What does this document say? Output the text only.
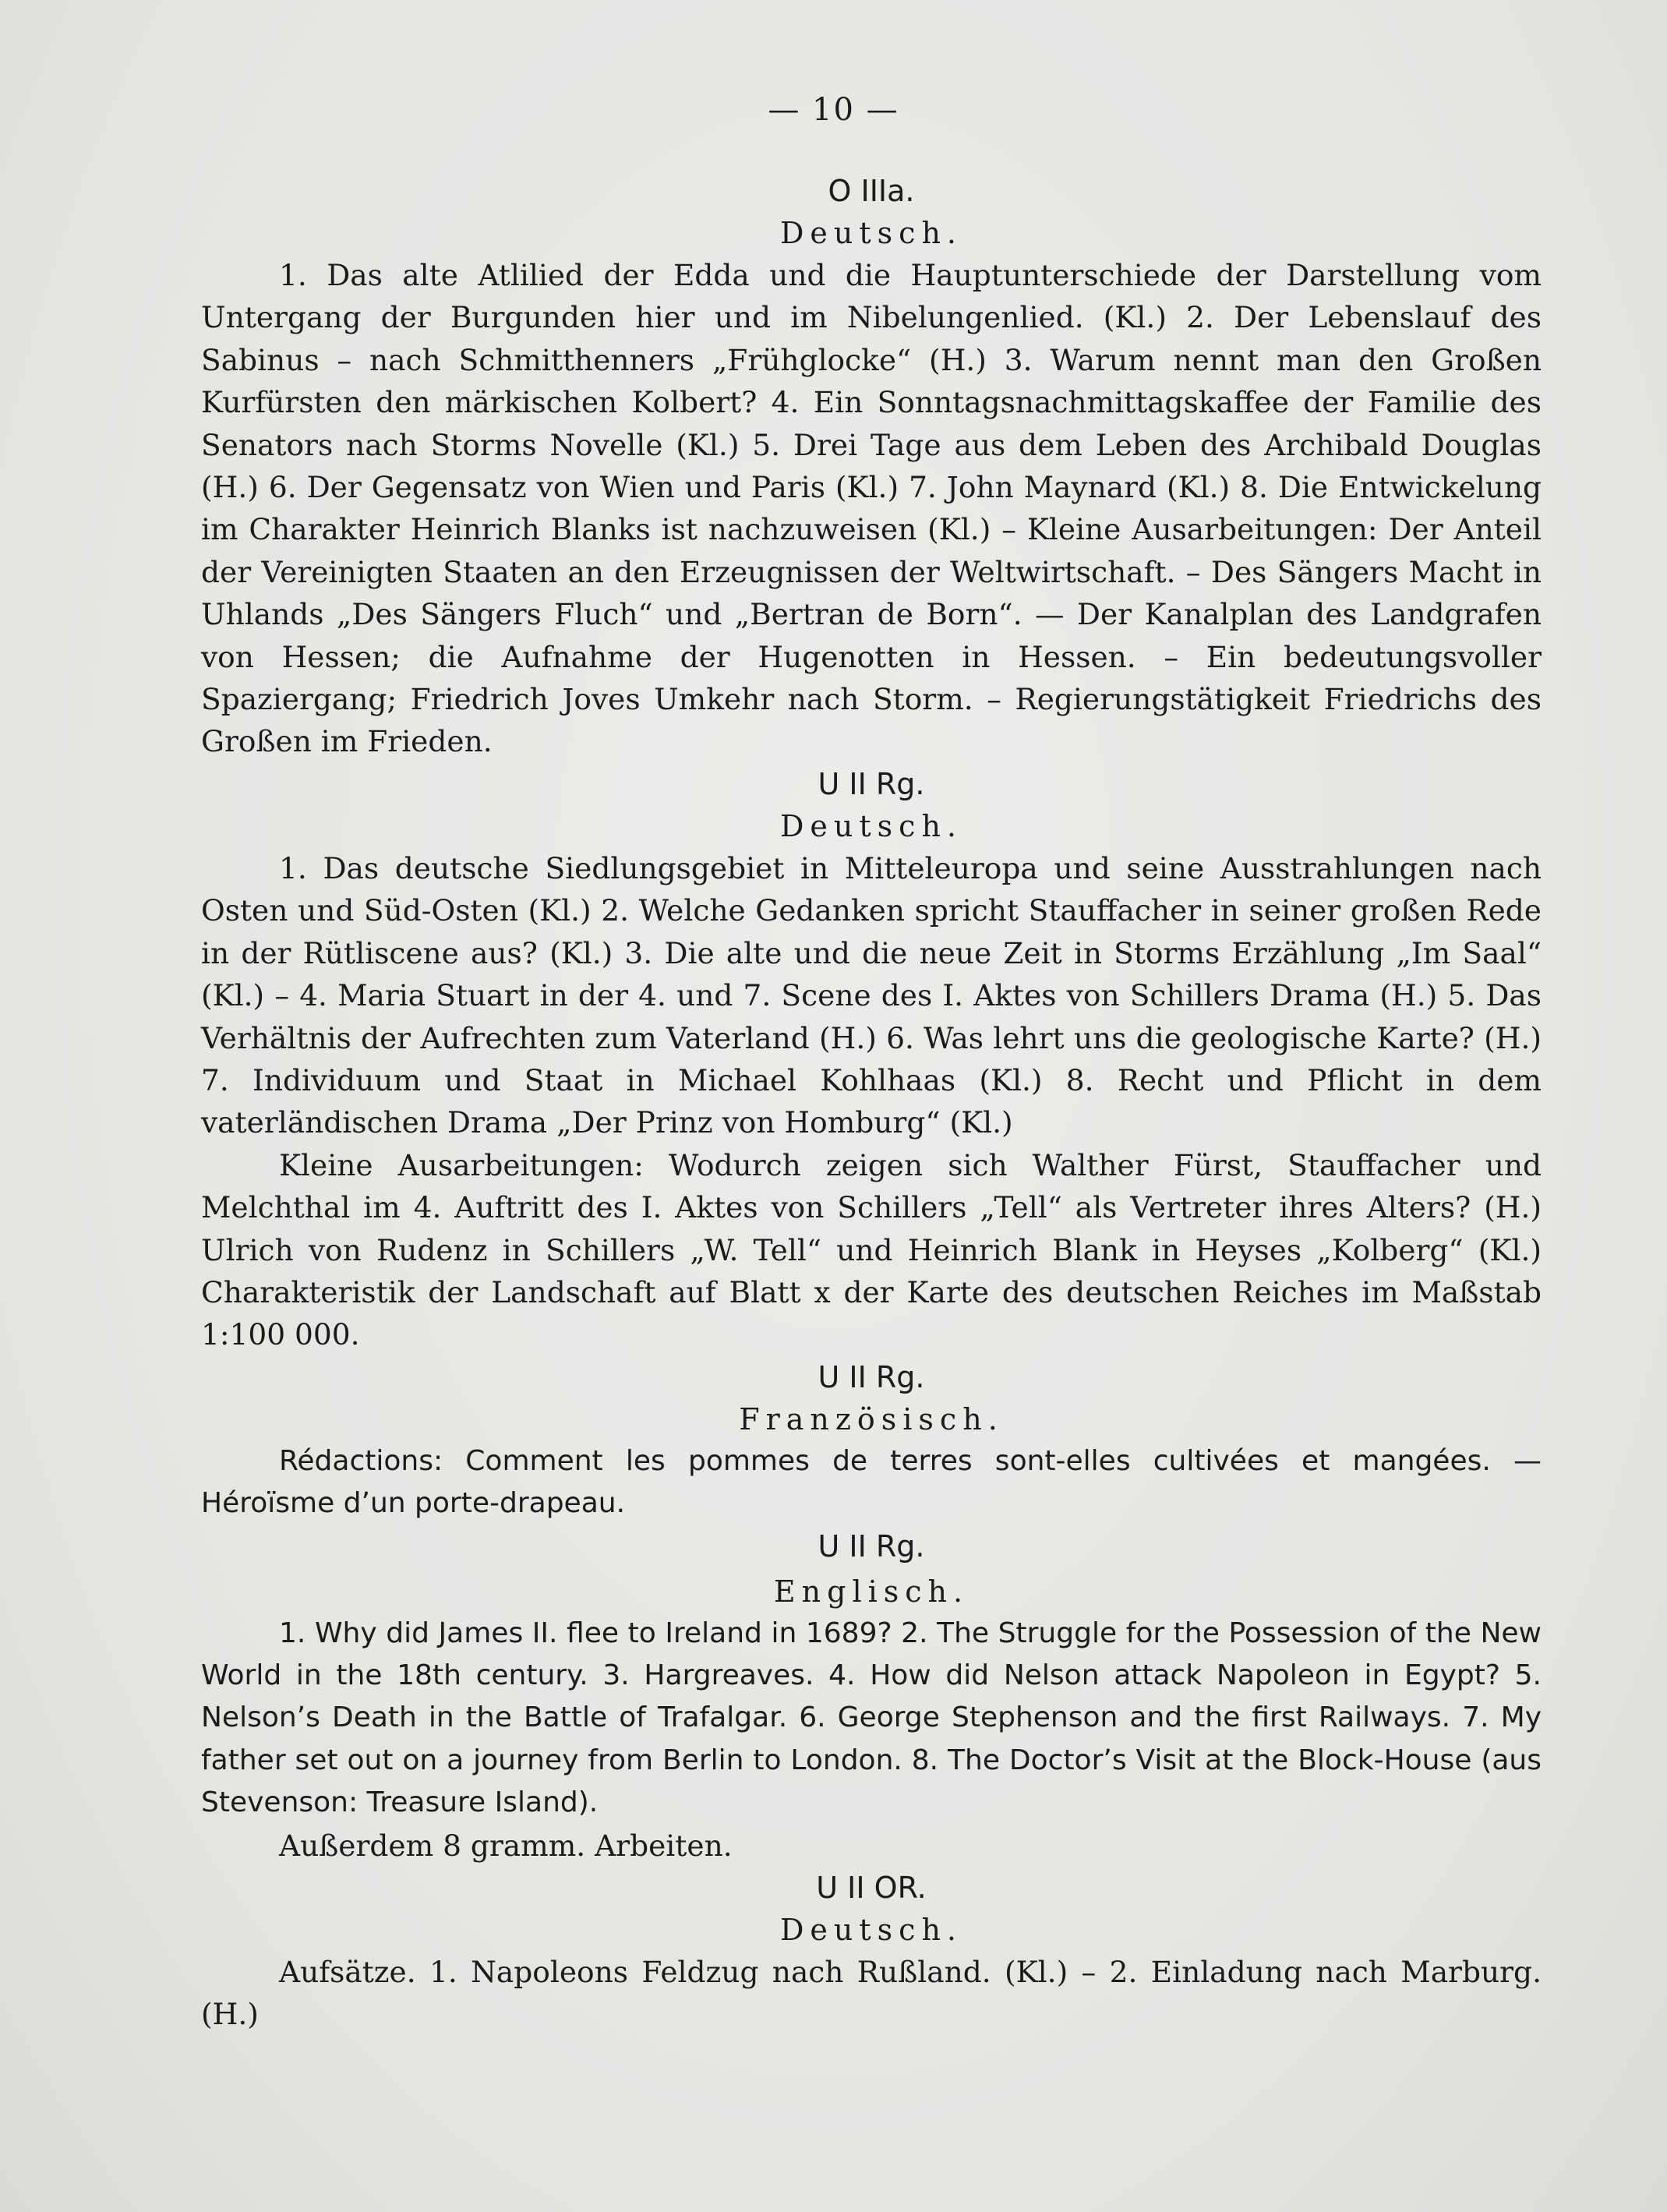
— 10 —
O IIIa.
Deutsch.

1. Das alte Atlilied der Edda und die Hauptunterschiede der Darstellung vom Untergang der Burgunden hier und im Nibelungenlied. (Kl.) 2. Der Lebenslauf des Sabinus – nach Schmitthenners „Frühglocke“ (H.) 3. Warum nennt man den Großen Kurfürsten den märkischen Kolbert? 4. Ein Sonntagsnachmittagskaffee der Familie des Senators nach Storms Novelle (Kl.) 5. Drei Tage aus dem Leben des Archibald Douglas (H.) 6. Der Gegensatz von Wien und Paris (Kl.) 7. John Maynard (Kl.) 8. Die Entwickelung im Charakter Heinrich Blanks ist nachzuweisen (Kl.) – Kleine Ausarbeitungen: Der Anteil der Vereinigten Staaten an den Erzeugnissen der Weltwirtschaft. – Des Sängers Macht in Uhlands „Des Sängers Fluch“ und „Bertran de Born“. — Der Kanalplan des Landgrafen von Hessen; die Aufnahme der Hugenotten in Hessen. – Ein bedeutungsvoller Spaziergang; Friedrich Joves Umkehr nach Storm. – Regierungstätigkeit Friedrichs des Großen im Frieden.

U II Rg.
Deutsch.

1. Das deutsche Siedlungsgebiet in Mitteleuropa und seine Ausstrahlungen nach Osten und Süd-Osten (Kl.) 2. Welche Gedanken spricht Stauffacher in seiner großen Rede in der Rütliscene aus? (Kl.) 3. Die alte und die neue Zeit in Storms Erzählung „Im Saal“ (Kl.) – 4. Maria Stuart in der 4. und 7. Scene des I. Aktes von Schillers Drama (H.) 5. Das Verhältnis der Aufrechten zum Vaterland (H.) 6. Was lehrt uns die geologische Karte? (H.) 7. Individuum und Staat in Michael Kohlhaas (Kl.) 8. Recht und Pflicht in dem vaterländischen Drama „Der Prinz von Homburg“ (Kl.)

Kleine Ausarbeitungen: Wodurch zeigen sich Walther Fürst, Stauffacher und Melchthal im 4. Auftritt des I. Aktes von Schillers „Tell“ als Vertreter ihres Alters? (H.) Ulrich von Rudenz in Schillers „W. Tell“ und Heinrich Blank in Heyses „Kolberg“ (Kl.) Charakteristik der Landschaft auf Blatt x der Karte des deutschen Reiches im Maßstab 1:100 000.

U II Rg.
Französisch.

Rédactions: Comment les pommes de terres sont-elles cultivées et mangées. — Héroïsme d’un porte-drapeau.

U II Rg.
Englisch.

1. Why did James II. flee to Ireland in 1689? 2. The Struggle for the Possession of the New World in the 18th century. 3. Hargreaves. 4. How did Nelson attack Napoleon in Egypt? 5. Nelson’s Death in the Battle of Trafalgar. 6. George Stephenson and the first Railways. 7. My father set out on a journey from Berlin to London. 8. The Doctor’s Visit at the Block-House (aus Stevenson: Treasure Island).

Außerdem 8 gramm. Arbeiten.

U II OR.
Deutsch.

Aufsätze. 1. Napoleons Feldzug nach Rußland. (Kl.) – 2. Einladung nach Marburg. (H.)
